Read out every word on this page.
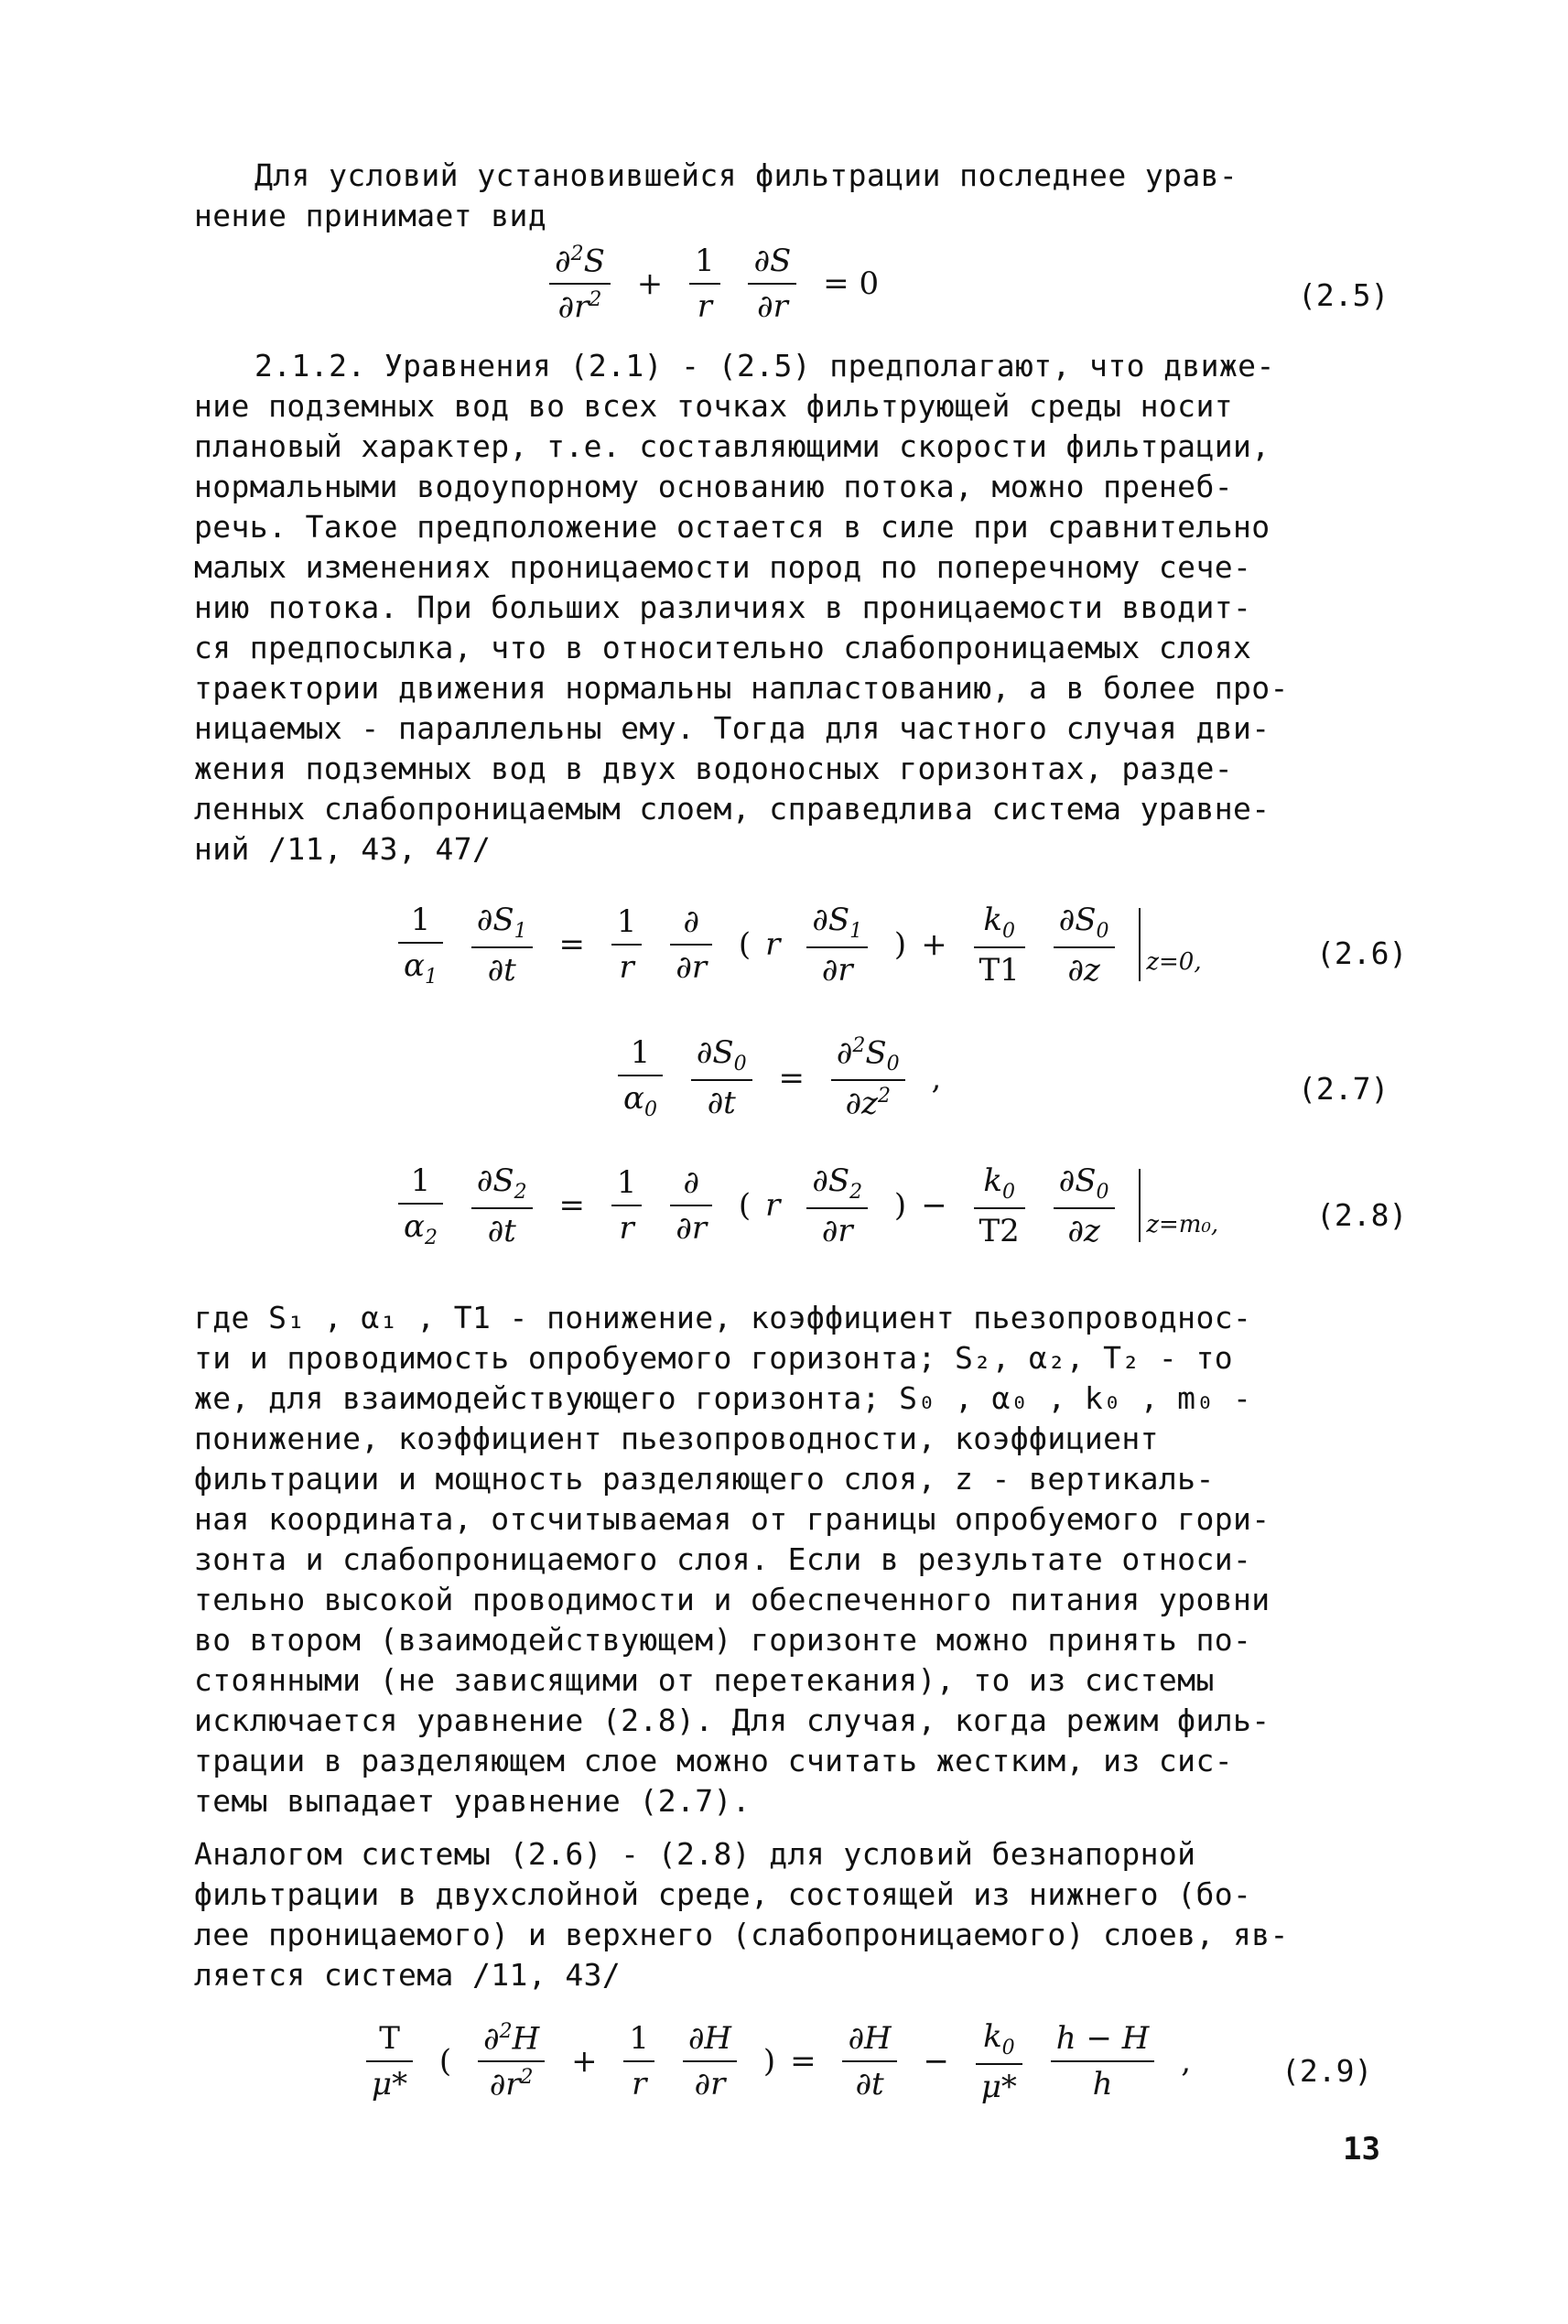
Для условий установившейся фильтрации последнее урав-
нение принимает вид
$\frac{\partial^2S}{\partial r^2} + \frac{1}{r}$
$\frac{\partial S}{\partial r} = 0$	(2.5)
2.1.2. Уравнения (2.1) - (2.5) предполагают, что движе-
ние подземных вод во всех точках фильтрующей среды носит
плановый характер, т.е. составляющими скорости фильтрации,
нормальными водоупорному основанию потока, можно пренеб-
речь. Такое предположение остается в силе при сравнительно
малых изменениях проницаемости пород по поперечному сече-
нию потока. При больших различиях в проницаемости вводит-
ся предпосылка, что в относительно слабопроницаемых слоях
траектории движения нормальны напластованию, а в более про-
ницаемых - параллельны ему. Тогда для частного случая дви-
жения подземных вод в двух водоносных горизонтах, разде-
ленных слабопроницаемым слоем, справедлива система уравне-
ний /11, 43, 47/
$\frac{1}{\alpha_1}$
$\frac{\partial S_1}{\partial t} = \frac{1}{r}$
$\frac{\partial}{\partial r}$ ( r $\frac{\partial S_1}{\partial r}$ ) + $\frac{k_0}{T1}$
$\frac{\partial S_0}{\partial z}$
z=0,	(2.6)
$\frac{1}{\alpha_0}$
$\frac{\partial S_0}{\partial t} = \frac{\partial^2S_0}{\partial z^2}$ ,	(2.7)
$\frac{1}{\alpha_2}$
$\frac{\partial S_2}{\partial t} = \frac{1}{r}$
$\frac{\partial}{\partial r}$ ( r $\frac{\partial S_2}{\partial r}$ ) − $\frac{k_0}{T2}$
$\frac{\partial S_0}{\partial z}$
z=m₀,	(2.8)
где S₁ , α₁ , T1 - понижение, коэффициент пьезопроводнос-
ти и проводимость опробуемого горизонта; S₂, α₂, T₂ - то
же, для взаимодействующего горизонта; S₀ , α₀ , k₀ , m₀ -
понижение, коэффициент пьезопроводности, коэффициент
фильтрации и мощность разделяющего слоя, z - вертикаль-
ная координата, отсчитываемая от границы опробуемого гори-
зонта и слабопроницаемого слоя. Если в результате относи-
тельно высокой проводимости и обеспеченного питания уровни
во втором (взаимодействующем) горизонте можно принять по-
стоянными (не зависящими от перетекания), то из системы
исключается уравнение (2.8). Для случая, когда режим филь-
трации в разделяющем слое можно считать жестким, из сис-
темы выпадает уравнение (2.7).
Аналогом системы (2.6) - (2.8) для условий безнапорной
фильтрации в двухслойной среде, состоящей из нижнего (бо-
лее проницаемого) и верхнего (слабопроницаемого) слоев, яв-
ляется система /11, 43/
$\frac{T}{\mu*}$ ( $\frac{\partial^2H}{\partial r^2} + \frac{1}{r}$
$\frac{\partial H}{\partial r}$ ) = $\frac{\partial H}{\partial t} - \frac{k_0}{\mu*}$
$\frac{h - H}{h}$ ,	(2.9)
13
